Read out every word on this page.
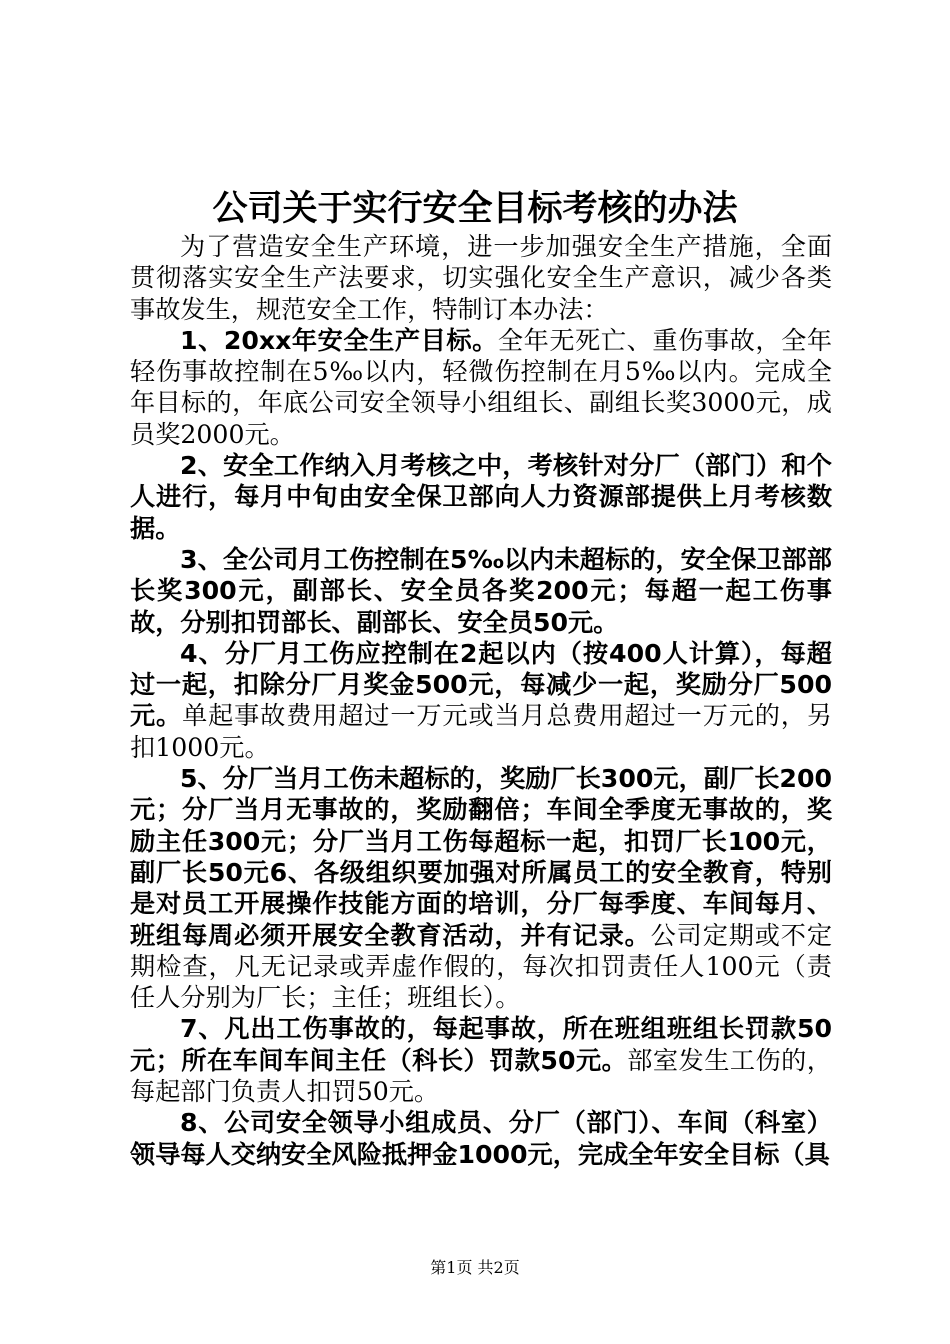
公司关于实行安全目标考核的办法

为了营造安全生产环境，进一步加强安全生产措施，全面贯彻落实安全生产法要求，切实强化安全生产意识，减少各类事故发生，规范安全工作，特制订本办法：

1、20xx年安全生产目标。全年无死亡、重伤事故，全年轻伤事故控制在5‰以内，轻微伤控制在月5‰以内。完成全年目标的，年底公司安全领导小组组长、副组长奖3000元，成员奖2000元。

2、安全工作纳入月考核之中，考核针对分厂（部门）和个人进行，每月中旬由安全保卫部向人力资源部提供上月考核数据。

3、全公司月工伤控制在5‰以内未超标的，安全保卫部部长奖300元，副部长、安全员各奖200元；每超一起工伤事故，分别扣罚部长、副部长、安全员50元。

4、分厂月工伤应控制在2起以内（按400人计算），每超过一起，扣除分厂月奖金500元，每减少一起，奖励分厂500元。单起事故费用超过一万元或当月总费用超过一万元的，另扣1000元。

5、分厂当月工伤未超标的，奖励厂长300元，副厂长200元；分厂当月无事故的，奖励翻倍；车间全季度无事故的，奖励主任300元；分厂当月工伤每超标一起，扣罚厂长100元，副厂长50元6、各级组织要加强对所属员工的安全教育，特别是对员工开展操作技能方面的培训，分厂每季度、车间每月、班组每周必须开展安全教育活动，并有记录。公司定期或不定期检查，凡无记录或弄虚作假的，每次扣罚责任人100元（责任人分别为厂长；主任；班组长）。

7、凡出工伤事故的，每起事故，所在班组班组长罚款50元；所在车间车间主任（科长）罚款50元。部室发生工伤的，每起部门负责人扣罚50元。

8、公司安全领导小组成员、分厂（部门）、车间（科室）领导每人交纳安全风险抵押金1000元，完成全年安全目标（具

第1页 共2页
